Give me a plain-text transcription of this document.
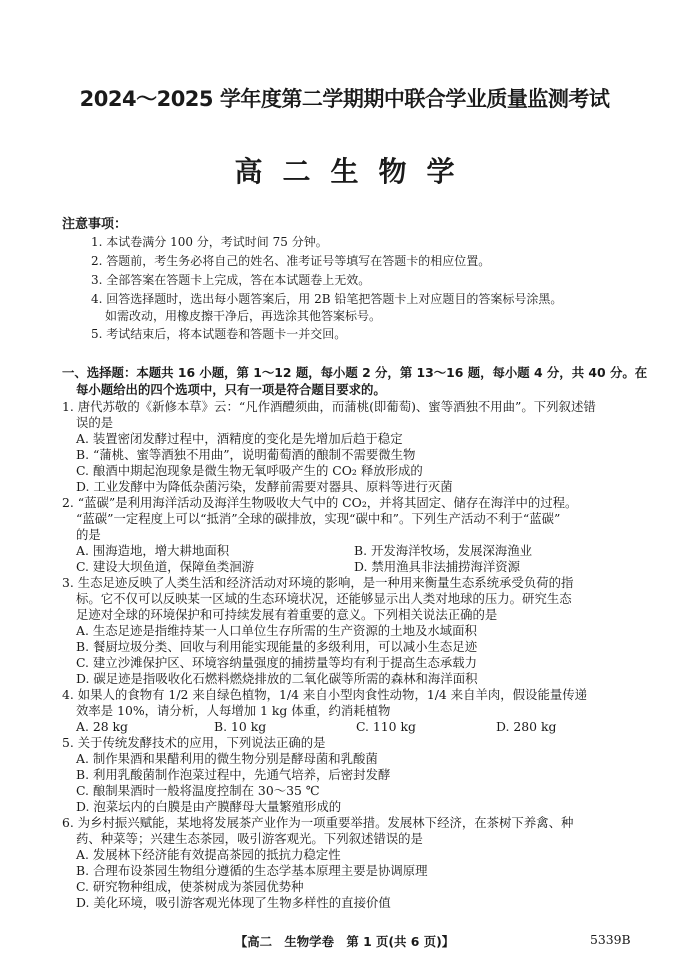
2024～2025 学年度第二学期期中联合学业质量监测考试
高二生物学
注意事项：
1. 本试卷满分 100 分，考试时间 75 分钟。
2. 答题前，考生务必将自己的姓名、准考证号等填写在答题卡的相应位置。
3. 全部答案在答题卡上完成，答在本试题卷上无效。
4. 回答选择题时，选出每小题答案后，用 2B 铅笔把答题卡上对应题目的答案标号涂黑。
如需改动，用橡皮擦干净后，再选涂其他答案标号。
5. 考试结束后，将本试题卷和答题卡一并交回。
一、选择题：本题共 16 小题，第 1～12 题，每小题 2 分，第 13～16 题，每小题 4 分，共 40 分。在
每小题给出的四个选项中，只有一项是符合题目要求的。
1. 唐代苏敬的《新修本草》云：“凡作酒醴须曲，而蒲桃(即葡萄)、蜜等酒独不用曲”。下列叙述错
误的是
A. 装置密闭发酵过程中，酒精度的变化是先增加后趋于稳定
B. “蒲桃、蜜等酒独不用曲”，说明葡萄酒的酿制不需要微生物
C. 酿酒中期起泡现象是微生物无氧呼吸产生的 CO₂ 释放形成的
D. 工业发酵中为降低杂菌污染，发酵前需要对器具、原料等进行灭菌
2. “蓝碳”是利用海洋活动及海洋生物吸收大气中的 CO₂，并将其固定、储存在海洋中的过程。
“蓝碳”一定程度上可以“抵消”全球的碳排放，实现“碳中和”。下列生产活动不利于“蓝碳”
的是
A. 围海造地，增大耕地面积	B. 开发海洋牧场，发展深海渔业
C. 建设大坝鱼道，保障鱼类洄游	D. 禁用渔具非法捕捞海洋资源
3. 生态足迹反映了人类生活和经济活动对环境的影响，是一种用来衡量生态系统承受负荷的指
标。它不仅可以反映某一区域的生态环境状况，还能够显示出人类对地球的压力。研究生态
足迹对全球的环境保护和可持续发展有着重要的意义。下列相关说法正确的是
A. 生态足迹是指维持某一人口单位生存所需的生产资源的土地及水域面积
B. 餐厨垃圾分类、回收与利用能实现能量的多级利用，可以减小生态足迹
C. 建立沙滩保护区、环境容纳量强度的捕捞量等均有利于提高生态承载力
D. 碳足迹是指吸收化石燃料燃烧排放的二氧化碳等所需的森林和海洋面积
4. 如果人的食物有 1/2 来自绿色植物，1/4 来自小型肉食性动物，1/4 来自羊肉，假设能量传递
效率是 10%，请分析，人每增加 1 kg 体重，约消耗植物
A. 28 kg	B. 10 kg	C. 110 kg	D. 280 kg
5. 关于传统发酵技术的应用，下列说法正确的是
A. 制作果酒和果醋利用的微生物分别是酵母菌和乳酸菌
B. 利用乳酸菌制作泡菜过程中，先通气培养，后密封发酵
C. 酿制果酒时一般将温度控制在 30～35 ℃
D. 泡菜坛内的白膜是由产膜酵母大量繁殖形成的
6. 为乡村振兴赋能，某地将发展茶产业作为一项重要举措。发展林下经济，在茶树下养禽、种
药、种菜等；兴建生态茶园，吸引游客观光。下列叙述错误的是
A. 发展林下经济能有效提高茶园的抵抗力稳定性
B. 合理布设茶园生物组分遵循的生态学基本原理主要是协调原理
C. 研究物种组成，使茶树成为茶园优势种
D. 美化环境，吸引游客观光体现了生物多样性的直接价值
【高二　生物学卷　第 1 页(共 6 页)】	5339B
